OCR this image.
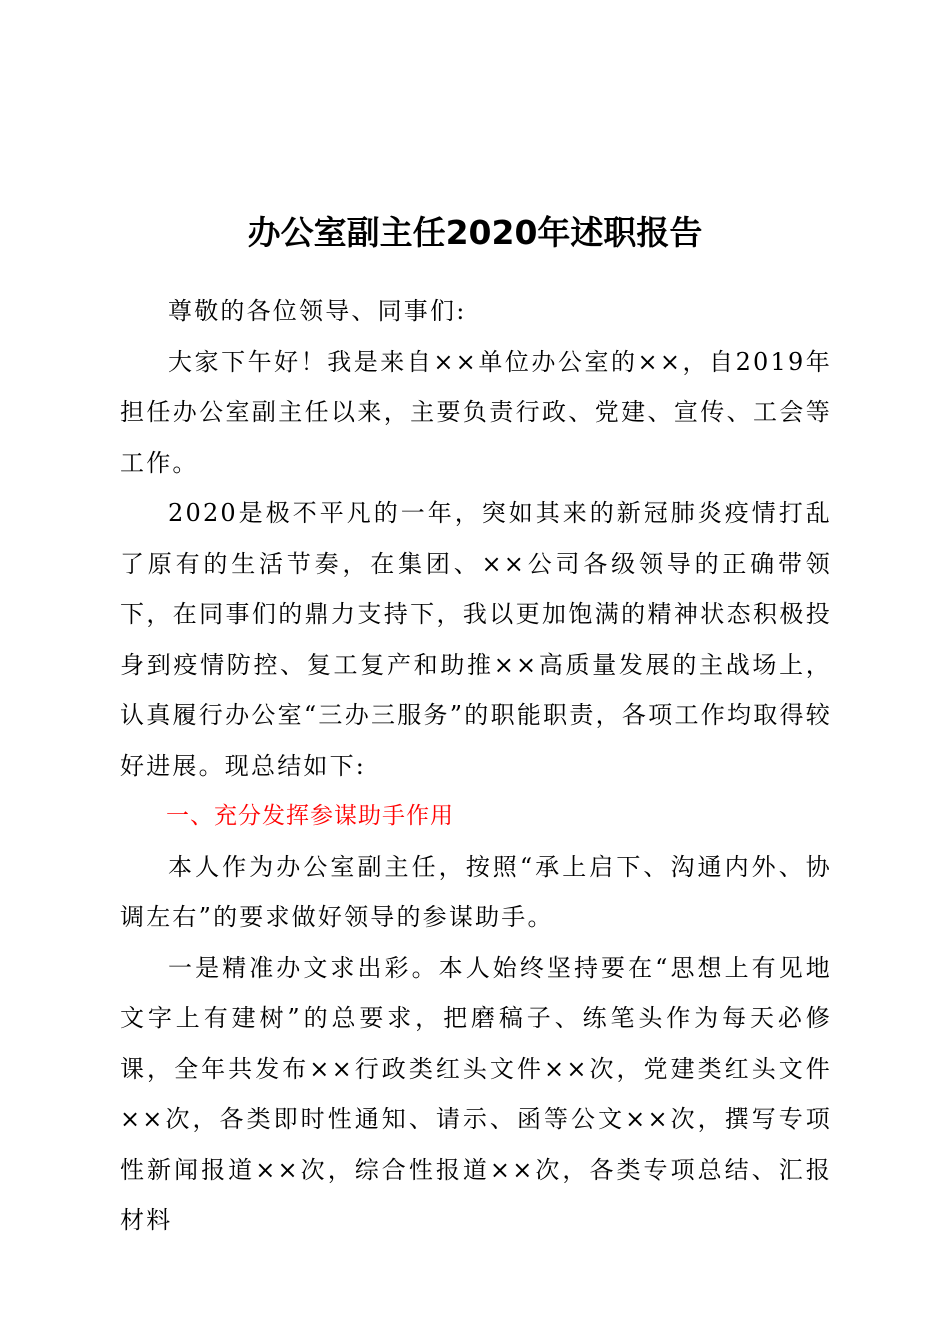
办公室副主任2020年述职报告

尊敬的各位领导、同事们:

大家下午好！我是来自××单位办公室的××，自2019年担任办公室副主任以来，主要负责行政、党建、宣传、工会等工作。

2020是极不平凡的一年，突如其来的新冠肺炎疫情打乱了原有的生活节奏，在集团、××公司各级领导的正确带领下，在同事们的鼎力支持下，我以更加饱满的精神状态积极投身到疫情防控、复工复产和助推××高质量发展的主战场上，认真履行办公室“三办三服务”的职能职责，各项工作均取得较好进展。现总结如下:

一、充分发挥参谋助手作用

本人作为办公室副主任，按照“承上启下、沟通内外、协调左右”的要求做好领导的参谋助手。

一是精准办文求出彩。本人始终坚持要在“思想上有见地文字上有建树”的总要求，把磨稿子、练笔头作为每天必修课，全年共发布××行政类红头文件××次，党建类红头文件××次，各类即时性通知、请示、函等公文××次，撰写专项性新闻报道××次，综合性报道××次，各类专项总结、汇报材料
